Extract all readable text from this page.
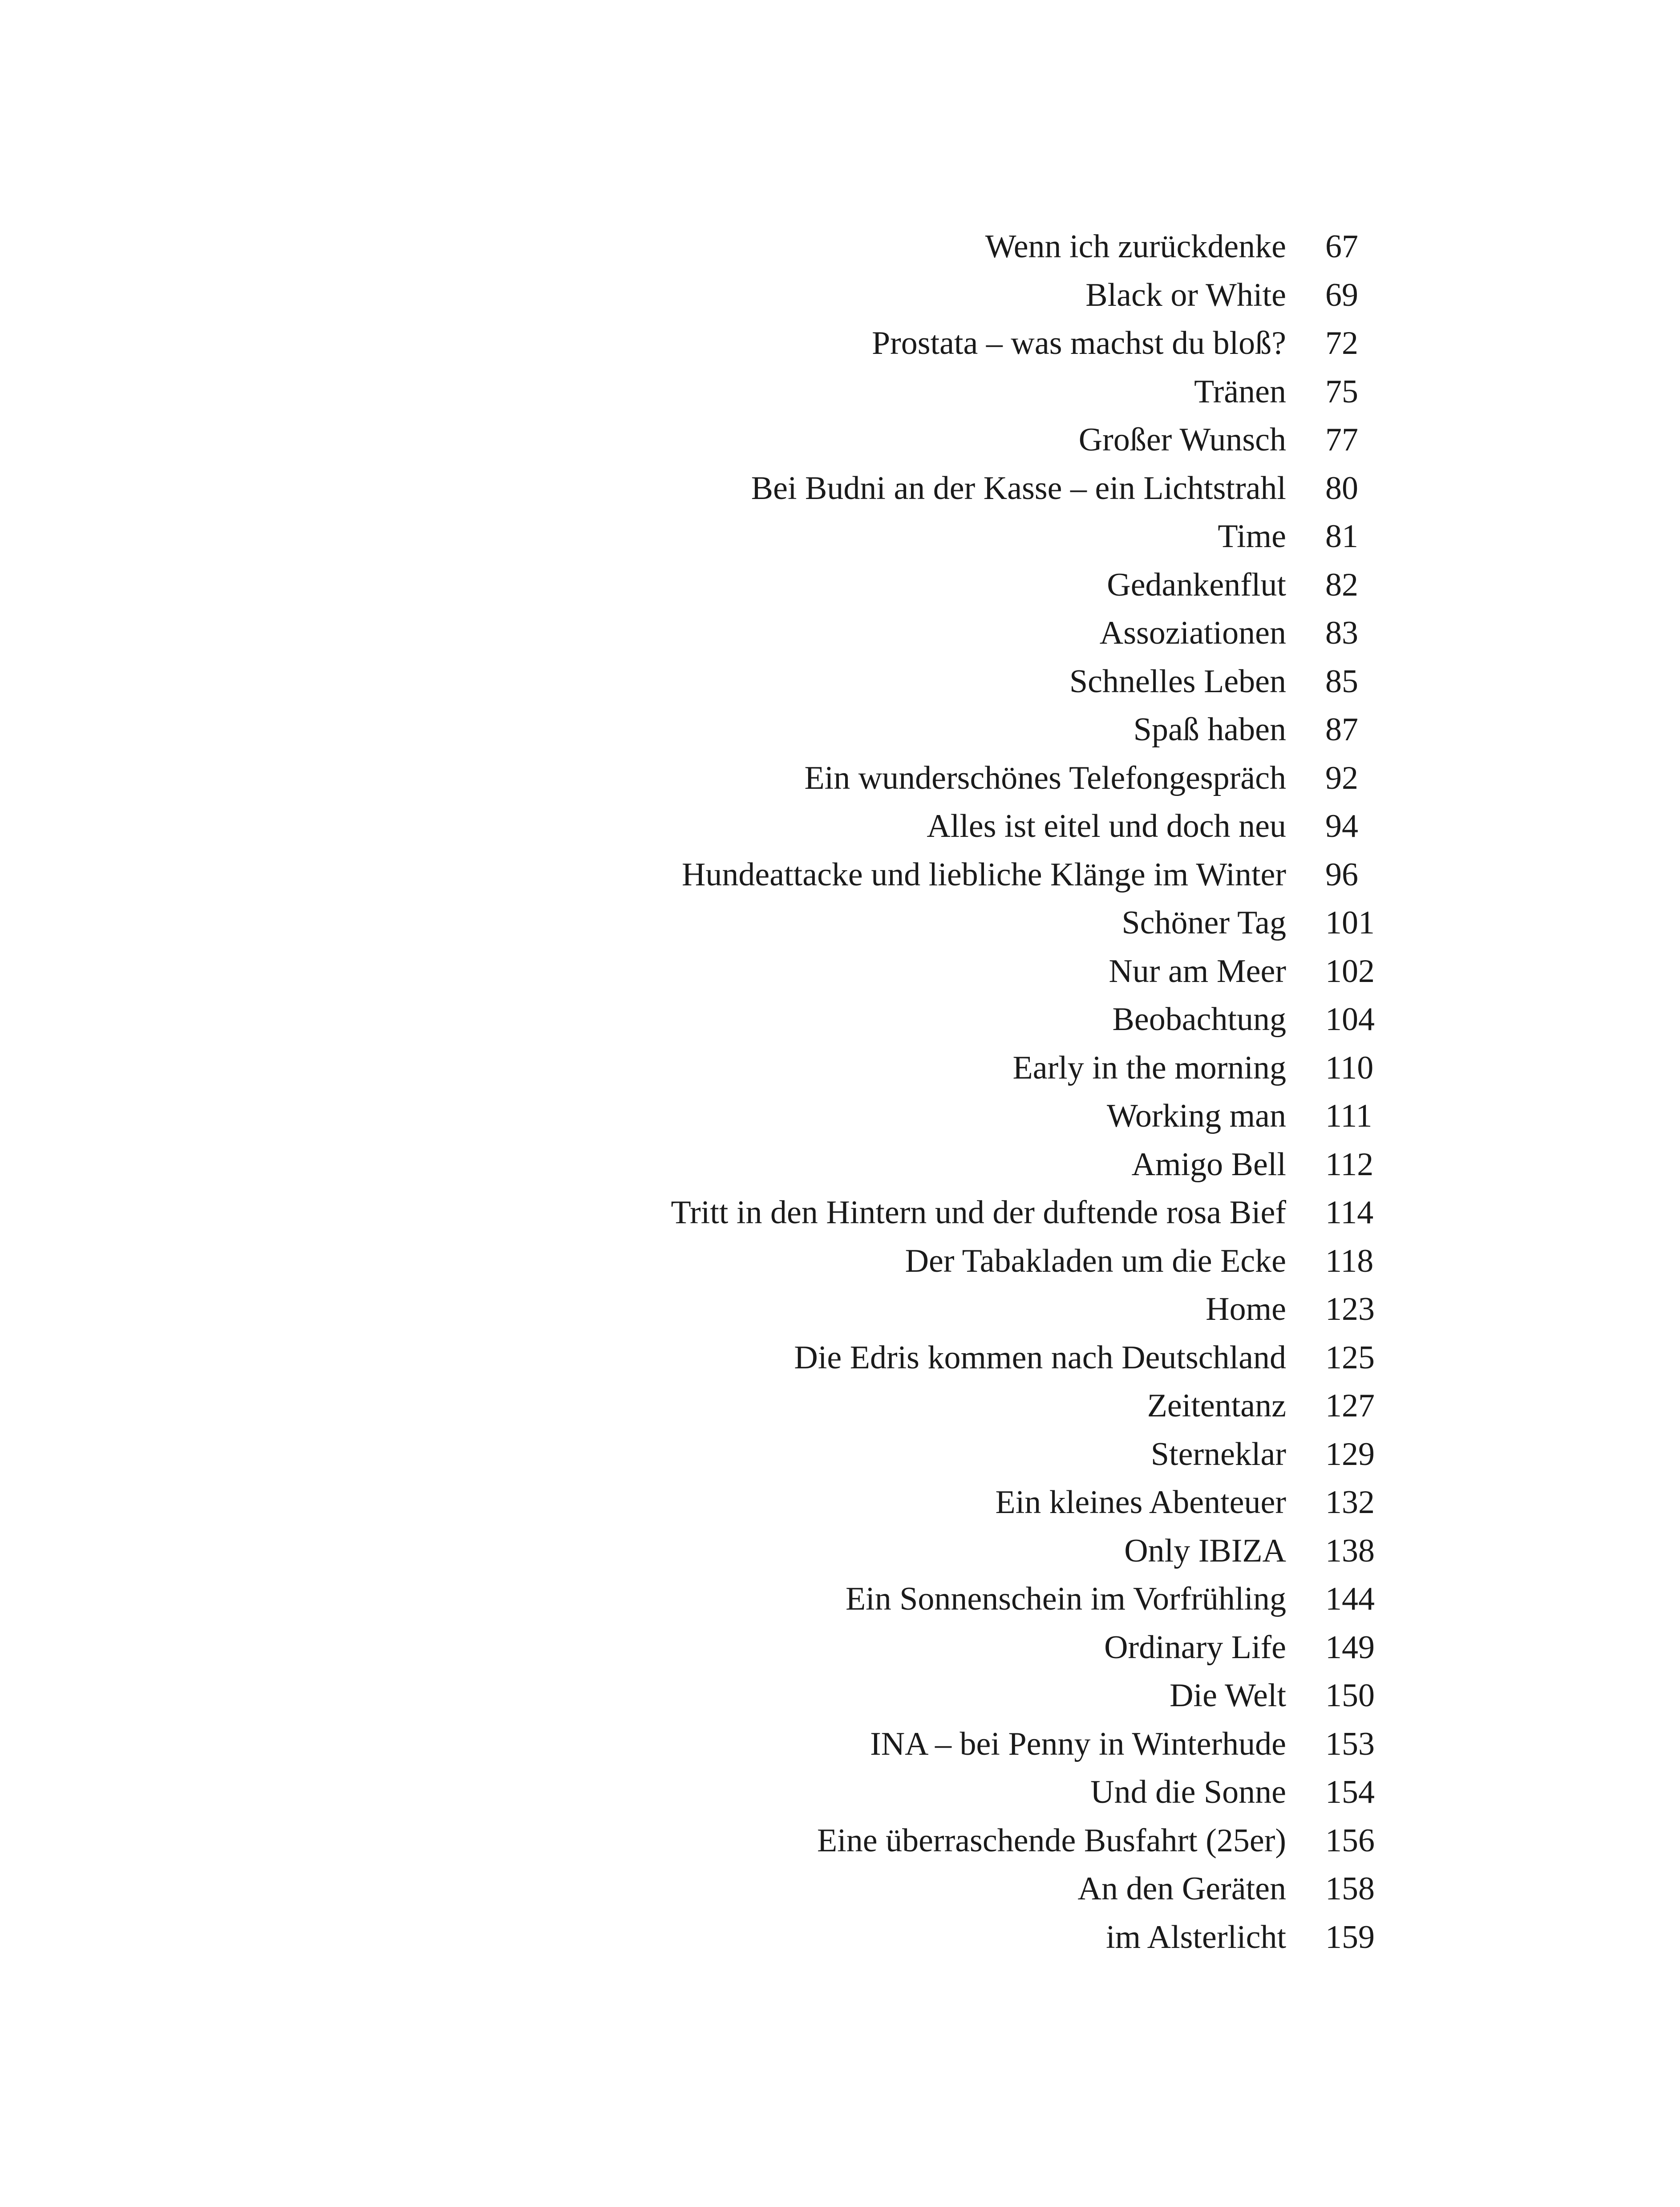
Wenn ich zurückdenke 67
Black or White 69
Prostata – was machst du bloß? 72
Tränen 75
Großer Wunsch 77
Bei Budni an der Kasse – ein Lichtstrahl 80
Time 81
Gedankenflut 82
Assoziationen 83
Schnelles Leben 85
Spaß haben 87
Ein wunderschönes Telefongespräch 92
Alles ist eitel und doch neu 94
Hundeattacke und liebliche Klänge im Winter 96
Schöner Tag 101
Nur am Meer 102
Beobachtung 104
Early in the morning 110
Working man 111
Amigo Bell 112
Tritt in den Hintern und der duftende rosa Bief 114
Der Tabakladen um die Ecke 118
Home 123
Die Edris kommen nach Deutschland 125
Zeitentanz 127
Sterneklar 129
Ein kleines Abenteuer 132
Only IBIZA 138
Ein Sonnenschein im Vorfrühling 144
Ordinary Life 149
Die Welt 150
INA – bei Penny in Winterhude 153
Und die Sonne 154
Eine überraschende Busfahrt (25er) 156
An den Geräten 158
im Alsterlicht 159
